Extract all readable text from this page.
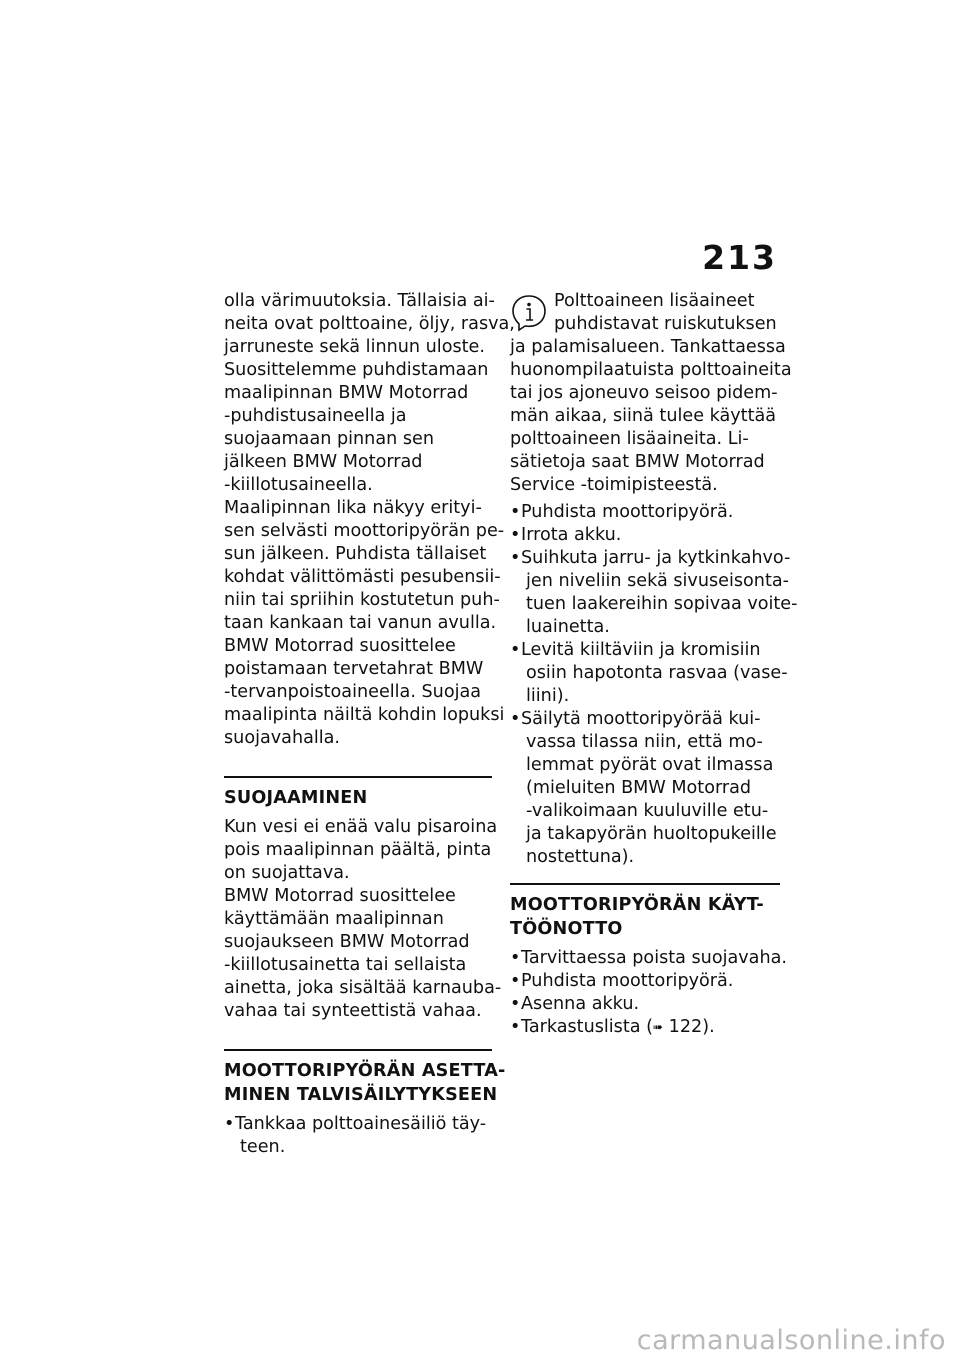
213

olla värimuutoksia. Tällaisia ai-
neita ovat polttoaine, öljy, rasva,
jarruneste sekä linnun uloste.
Suosittelemme puhdistamaan
maalipinnan BMW Motorrad
-puhdistusaineella ja
suojaamaan pinnan sen
jälkeen BMW Motorrad
-kiillotusaineella.
Maalipinnan lika näkyy erityi-
sen selvästi moottoripyörän pe-
sun jälkeen. Puhdista tällaiset
kohdat välittömästi pesubensii-
niin tai spriihin kostutetun puh-
taan kankaan tai vanun avulla.
BMW Motorrad suosittelee
poistamaan tervetahrat BMW
-tervanpoistoaineella. Suojaa
maalipinta näiltä kohdin lopuksi
suojavahalla.

SUOJAAMINEN

Kun vesi ei enää valu pisaroina
pois maalipinnan päältä, pinta
on suojattava.
BMW Motorrad suosittelee
käyttämään maalipinnan
suojaukseen BMW Motorrad
-kiillotusainetta tai sellaista
ainetta, joka sisältää karnauba-
vahaa tai synteettistä vahaa.

MOOTTORIPYÖRÄN ASETTA-
MINEN TALVISÄILYTYKSEEN
• Tankkaa polttoainesäiliö täy-
teen.
Polttoaineen lisäaineet
puhdistavat ruiskutuksen
ja palamisalueen. Tankattaessa
huonompilaatuista polttoaineita
tai jos ajoneuvo seisoo pidem-
män aikaa, siinä tulee käyttää
polttoaineen lisäaineita. Li-
sätietoja saat BMW Motorrad
Service -toimipisteestä.
• Puhdista moottoripyörä.
• Irrota akku.
• Suihkuta jarru- ja kytkinkahvo-
jen niveliin sekä sivuseisonta-
tuen laakereihin sopivaa voite-
luainetta.
• Levitä kiiltäviin ja kromisiin
osiin hapotonta rasvaa (vase-
liini).
• Säilytä moottoripyörää kui-
vassa tilassa niin, että mo-
lemmat pyörät ovat ilmassa
(mieluiten BMW Motorrad
-valikoimaan kuuluville etu-
ja takapyörän huoltopukeille
nostettuna).
MOOTTORIPYÖRÄN KÄYT-
TÖÖNOTTO
• Tarvittaessa poista suojavaha.
• Puhdista moottoripyörä.
• Asenna akku.
• Tarkastuslista (➠ 122).
carmanualsonline.info
